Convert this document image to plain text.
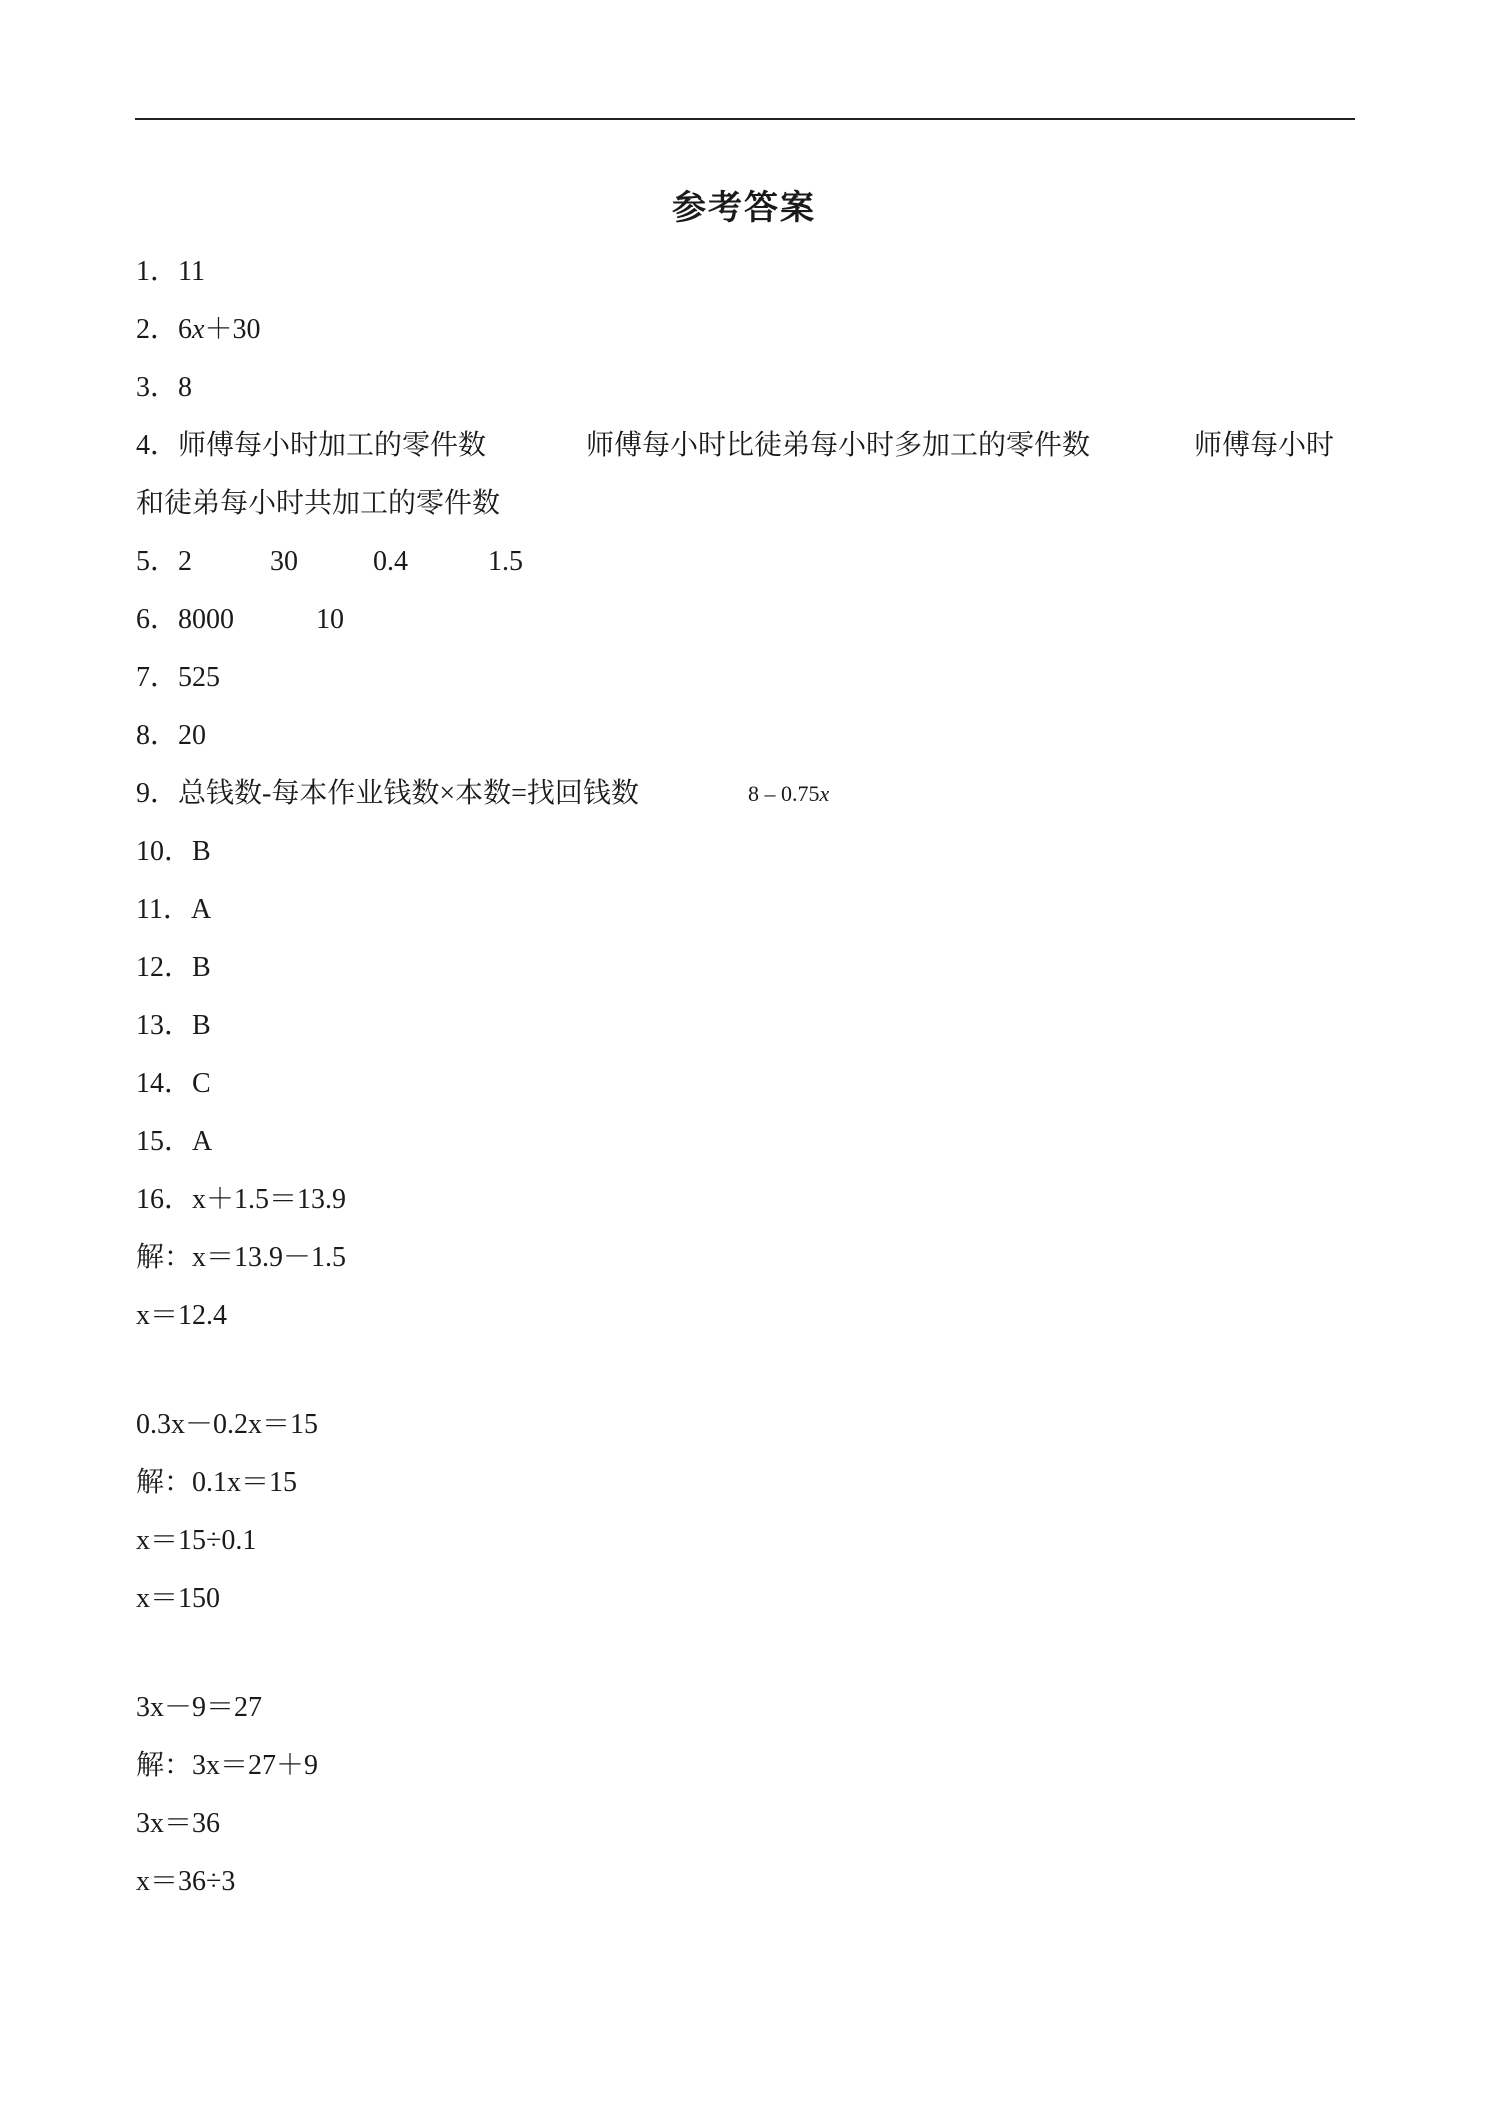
参考答案
1．11
2．6x＋30
3．8
4．师傅每小时加工的零件数	师傅每小时比徒弟每小时多加工的零件数	师傅每小时
和徒弟每小时共加工的零件数
5．2	30	0.4	1.5
6．8000	10
7．525
8．20
9．总钱数-每本作业钱数×本数=找回钱数	8 – 0.75x
10．B
11．A
12．B
13．B
14．C
15．A
16．x＋1.5＝13.9
解：x＝13.9－1.5
x＝12.4
0.3x－0.2x＝15
解：0.1x＝15
x＝15÷0.1
x＝150
3x－9＝27
解：3x＝27＋9
3x＝36
x＝36÷3
